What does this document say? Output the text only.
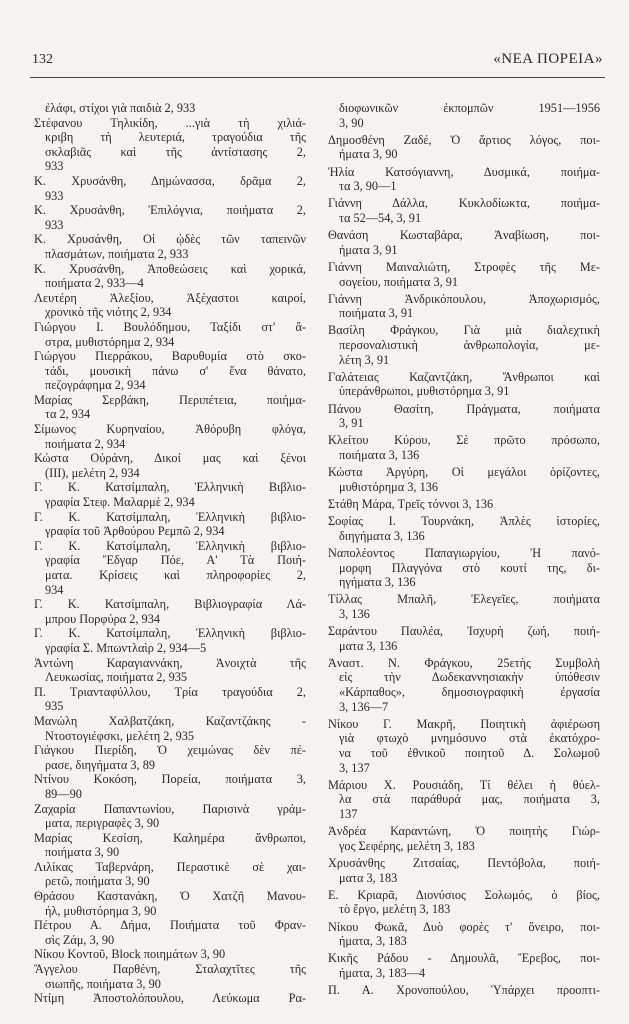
132	«ΝΕΑ ΠΟΡΕΙΑ»
ἐλάφι, στίχοι γιὰ παιδιὰ 2, 933
Στέφανου Τηλικίδη, ...γιὰ τὴ χιλιά-
κριβη τὴ λευτεριά, τραγούδια τῆς
σκλαβιᾶς καὶ τῆς ἀντίστασης 2,
933
Κ. Χρυσάνθη, Δημώνασσα, δρᾶμα 2,
933
Κ. Χρυσάνθη, Ἐπιλόγνια, ποιήματα 2,
933
Κ. Χρυσάνθη, Οἱ ᾠδὲς τῶν ταπεινῶν
πλασμάτων, ποιήματα 2, 933
Κ. Χρυσάνθη, Ἀποθεώσεις καὶ χορικά,
ποιήματα 2, 933—4
Λευτέρη Ἀλεξίου, Ἀξέχαστοι καιροί,
χρονικὸ τῆς νιότης 2, 934
Γιώργου Ι. Βουλόδημου, Ταξίδι στ' ἄ-
στρα, μυθιστόρημα 2, 934
Γιώργου Πιερράκου, Βαρυθυμία στὸ σκο-
τάδι, μουσικὴ πάνω σ' ἕνα θάνατο,
πεζογράφημα 2, 934
Μαρίας Σερβάκη, Περιπέτεια, ποιήμα-
τα 2, 934
Σίμωνος Κυρηναίου, Ἀθόρυβη φλόγα,
ποιήματα 2, 934
Κώστα Οὐράνη, Δικοί μας καὶ ξένοι
(ΙΙΙ), μελέτη 2, 934
Γ. Κ. Κατσίμπαλη, Ἑλληνικὴ Βιβλιο-
γραφία Στεφ. Μαλαρμὲ 2, 934
Γ. Κ. Κατσίμπαλη, Ἑλληνικὴ βιβλιο-
γραφία τοῦ Ἀρθούρου Ρεμπῶ 2, 934
Γ. Κ. Κατσίμπαλη, Ἑλληνικὴ βιβλιο-
γραφία Ἔδγαρ Πόε, Α' Τὰ Ποιή-
ματα. Κρίσεις καὶ πληροφορίες 2,
934
Γ. Κ. Κατσίμπαλη, Βιβλιογραφία Λά-
μπρου Πορφύρα 2, 934
Γ. Κ. Κατσίμπαλη, Ἑλληνικὴ βιβλιο-
γραφία Σ. Μπωντλαὶρ 2, 934—5
Ἀντώνη Καραγιαννάκη, Ἀνοιχτὰ τῆς
Λευκωσίας, ποιήματα 2, 935
Π. Τριανταφύλλου, Τρία τραγούδια 2,
935
Μανώλη Χαλβατζάκη, Καζαντζάκης -
Ντοστογιέφσκι, μελέτη 2, 935
Γιάγκου Πιερίδη, Ὁ χειμώνας δὲν πέ-
ρασε, διηγήματα 3, 89
Ντίνου Κοκόση, Πορεία, ποιήματα 3,
89—90
Ζαχαρία Παπαντωνίου, Παρισινὰ γράμ-
ματα, περιγραφὲς 3, 90
Μαρίας Κεσίση, Καλημέρα ἄνθρωποι,
ποιήματα 3, 90
Λιλίκας Ταβερνάρη, Περαστικὲ σὲ χαι-
ρετῶ, ποιήματα 3, 90
Θράσου Καστανάκη, Ὁ Χατζῆ Μανου-
ήλ, μυθιστόρημα 3, 90
Πέτρου Α. Δήμα, Ποιήματα τοῦ Φραν-
σὶς Ζάμ, 3, 90
Νίκου Κοντοῦ, Block ποιημάτων 3, 90
Ἄγγελου Παρθένη, Σταλαχτῖτες τῆς
σιωπῆς, ποιήματα 3, 90
Ντίμη Ἀποστολόπουλου, Λεύκωμα Ρα-
διοφωνικῶν ἐκπομπῶν 1951—1956
3, 90
Δημοσθένη Ζαδέ, Ὁ ἄρτιος λόγος, ποι-
ήματα 3, 90
Ἠλία Κατσόγιαννη, Δυσμικά, ποιήμα-
τα 3, 90—1
Γιάννη Δάλλα, Κυκλοδίωκτα, ποιήμα-
τα 52—54, 3, 91
Θανάση Κωσταβάρα, Ἀναβίωση, ποι-
ήματα 3, 91
Γιάννη Μαιναλιώτη, Στροφὲς τῆς Με-
σογείου, ποιήματα 3, 91
Γιάννη Ἀνδρικόπουλου, Ἀποχωρισμός,
ποιήματα 3, 91
Βασίλη Φράγκου, Γιὰ μιὰ διαλεχτικὴ
περσοναλιστικὴ ἀνθρωπολογία, με-
λέτη 3, 91
Γαλάτειας Καζαντζάκη, Ἄνθρωποι καὶ
ὑπεράνθρωποι, μυθιστόρημα 3, 91
Πάνου Θασίτη, Πράγματα, ποιήματα
3, 91
Κλείτου Κύρου, Σὲ πρῶτο πρόσωπο,
ποιήματα 3, 136
Κώστα Ἀργύρη, Οἱ μεγάλοι ὁρίζοντες,
μυθιστόρημα 3, 136
Στάθη Μάρα, Τρεῖς τόννοι 3, 136
Σοφίας Ι. Τουρνάκη, Ἁπλὲς ἱστορίες,
διηγήματα 3, 136
Ναπολέοντος Παπαγιωργίου, Ἡ πανό-
μορφη Πλαγγόνα στὸ κουτί της, δι-
ηγήματα 3, 136
Τίλλας Μπαλῆ, Ἐλεγεῖες, ποιήματα
3, 136
Σαράντου Παυλέα, Ἰσχυρὴ ζωή, ποιή-
ματα 3, 136
Ἀναστ. Ν. Φράγκου, 25ετὴς Συμβολὴ
εἰς τὴν Δωδεκαννησιακὴν ὑπόθεσιν
«Κάρπαθος», δημοσιογραφικὴ ἐργασία
3, 136—7
Νίκου Γ. Μακρῆ, Ποιητικὴ ἀφιέρωση
γιὰ φτωχὸ μνημόσυνο στὰ ἑκατόχρο-
να τοῦ ἐθνικοῦ ποιητοῦ Δ. Σολωμοῦ
3, 137
Μάριου Χ. Ρουσιάδη, Τί θέλει ἡ θύελ-
λα στὰ παράθυρά μας, ποιήματα 3,
137
Ἀνδρέα Καραντώνη, Ὁ ποιητὴς Γιώρ-
γος Σεφέρης, μελέτη 3, 183
Χρυσάνθης Ζιτσαίας, Πεντόβολα, ποιή-
ματα 3, 183
Ε. Κριαρᾶ, Διονύσιος Σολωμός, ὁ βίος,
τὸ ἔργο, μελέτη 3, 183
Νίκου Φωκᾶ, Δυὸ φορὲς τ' ὄνειρο, ποι-
ήματα, 3, 183
Κικῆς Ράδου - Δημουλᾶ, Ἔρεβος, ποι-
ήματα, 3, 183—4
Π. Α. Χρονοπούλου, Ὑπάρχει προοπτι-
